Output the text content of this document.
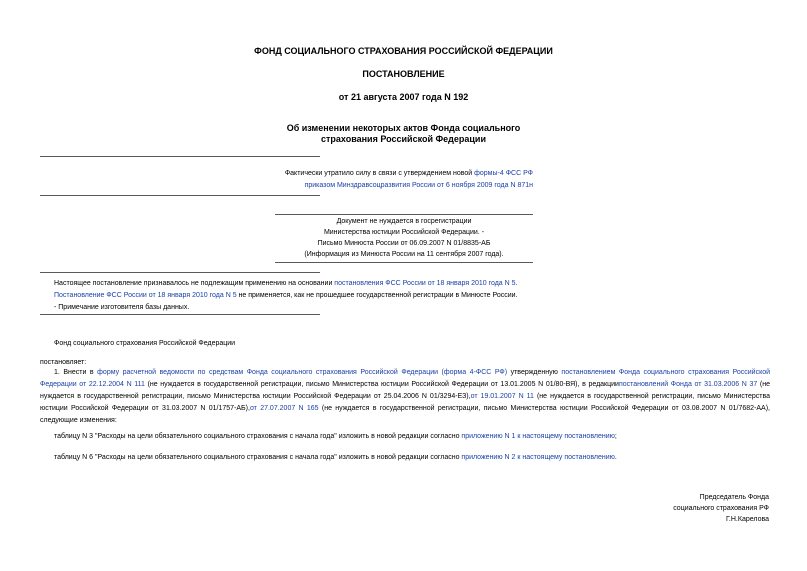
ФОНД СОЦИАЛЬНОГО СТРАХОВАНИЯ РОССИЙСКОЙ ФЕДЕРАЦИИ
ПОСТАНОВЛЕНИЕ
от 21 августа 2007 года N 192
Об изменении некоторых актов Фонда социального
страхования Российской Федерации
Фактически утратило силу в связи с утверждением новой формы-4 ФСС РФ
приказом Минздравсоцразвития России от 6 ноября 2009 года N 871н
Документ не нуждается в госрегистрации
Министерства юстиции Российской Федерации. -
Письмо Минюста России от 06.09.2007 N 01/8835-АБ
(Информация из Минюста России на 11 сентября 2007 года).
Настоящее постановление признавалось не подлежащим применению на основании постановления ФСС России от 18 января 2010 года N 5.
Постановление ФСС России от 18 января 2010 года N 5 не применяется, как не прошедшее государственной регистрации в Минюсте России.
- Примечание изготовителя базы данных.
Фонд социального страхования Российской Федерации
постановляет:
1. Внести в форму расчетной ведомости по средствам Фонда социального страхования Российской Федерации (форма 4-ФСС РФ) утвержденную постановлением Фонда социального страхования Российской Федерации от 22.12.2004 N 111 (не нуждается в государственной регистрации, письмо Министерства юстиции Российской Федерации от 13.01.2005 N 01/80-ВЯ), в редакциипостановлений Фонда от 31.03.2006 N 37 (не нуждается в государственной регистрации, письмо Министерства юстиции Российской Федерации от 25.04.2006 N 01/3294-ЕЗ),от 19.01.2007 N 11 (не нуждается в государственной регистрации, письмо Министерства юстиции Российской Федерации от 31.03.2007 N 01/1757-АБ),от 27.07.2007 N 165 (не нуждается в государственной регистрации, письмо Министерства юстиции Российской Федерации от 03.08.2007 N 01/7682-АА), следующие изменения:
таблицу N 3 "Расходы на цели обязательного социального страхования с начала года" изложить в новой редакции согласно приложению N 1 к настоящему постановлению;
таблицу N 6 "Расходы на цели обязательного социального страхования с начала года" изложить в новой редакции согласно приложению N 2 к настоящему постановлению.
Председатель Фонда
социального страхования РФ
Г.Н.Карелова
